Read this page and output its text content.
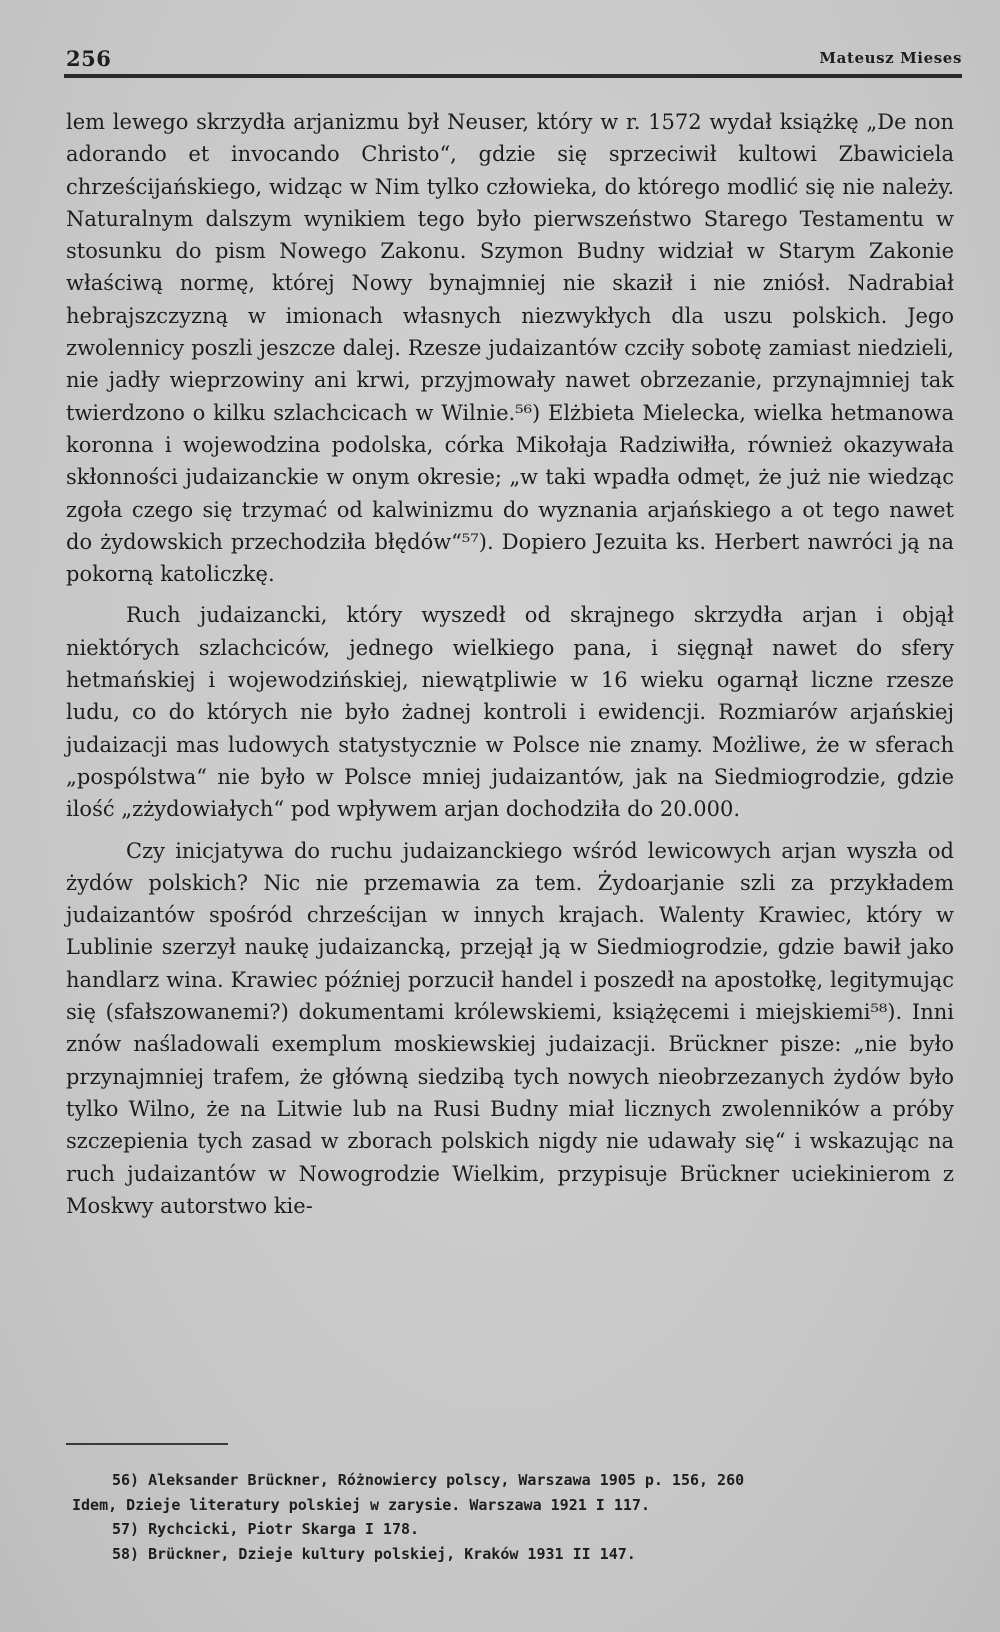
256	Mateusz Mieses

lem lewego skrzydła arjanizmu był Neuser, który w r. 1572 wydał książkę „De non adorando et invocando Christo“, gdzie się sprzeciwił kultowi Zbawiciela chrześcijańskiego, widząc w Nim tylko człowieka, do którego modlić się nie należy. Naturalnym dalszym wynikiem tego było pierwszeństwo Starego Testamentu w stosunku do pism Nowego Zakonu. Szymon Budny widział w Starym Zakonie właściwą normę, której Nowy bynajmniej nie skaził i nie zniósł. Nadrabiał hebrajszczyzną w imionach własnych niezwykłych dla uszu polskich. Jego zwolennicy poszli jeszcze dalej. Rzesze judaizantów czciły sobotę zamiast niedzieli, nie jadły wieprzowiny ani krwi, przyjmowały nawet obrzezanie, przynajmniej tak twierdzono o kilku szlachcicach w Wilnie.⁵⁶) Elżbieta Mielecka, wielka hetmanowa koronna i wojewodzina podolska, córka Mikołaja Radziwiłła, również okazywała skłonności judaizanckie w onym okresie; „w taki wpadła odmęt, że już nie wiedząc zgoła czego się trzymać od kalwinizmu do wyznania arjańskiego a ot tego nawet do żydowskich przechodziła błędów“⁵⁷). Dopiero Jezuita ks. Herbert nawróci ją na pokorną katoliczkę.

Ruch judaizancki, który wyszedł od skrajnego skrzydła arjan i objął niektórych szlachciców, jednego wielkiego pana, i sięgnął nawet do sfery hetmańskiej i wojewodzińskiej, niewątpliwie w 16 wieku ogarnął liczne rzesze ludu, co do których nie było żadnej kontroli i ewidencji. Rozmiarów arjańskiej judaizacji mas ludowych statystycznie w Polsce nie znamy. Możliwe, że w sferach „pospólstwa“ nie było w Polsce mniej judaizantów, jak na Siedmiogrodzie, gdzie ilość „zżydowiałych“ pod wpływem arjan dochodziła do 20.000.

Czy inicjatywa do ruchu judaizanckiego wśród lewicowych arjan wyszła od żydów polskich? Nic nie przemawia za tem. Żydoarjanie szli za przykładem judaizantów spośród chrześcijan w innych krajach. Walenty Krawiec, który w Lublinie szerzył naukę judaizancką, przejął ją w Siedmiogrodzie, gdzie bawił jako handlarz wina. Krawiec później porzucił handel i poszedł na apostołkę, legitymując się (sfałszowanemi?) dokumentami królewskiemi, książęcemi i miejskiemi⁵⁸). Inni znów naśladowali exemplum moskiewskiej judaizacji. Brückner pisze: „nie było przynajmniej trafem, że główną siedzibą tych nowych nieobrzezanych żydów było tylko Wilno, że na Litwie lub na Rusi Budny miał licznych zwolenników a próby szczepienia tych zasad w zborach polskich nigdy nie udawały się“ i wskazując na ruch judaizantów w Nowogrodzie Wielkim, przypisuje Brückner uciekinierom z Moskwy autorstwo kie-

56) Aleksander Brückner, Różnowiercy polscy, Warszawa 1905 p. 156, 260
Idem, Dzieje literatury polskiej w zarysie. Warszawa 1921 I 117.
57) Rychcicki, Piotr Skarga I 178.
58) Brückner, Dzieje kultury polskiej, Kraków 1931 II 147.
